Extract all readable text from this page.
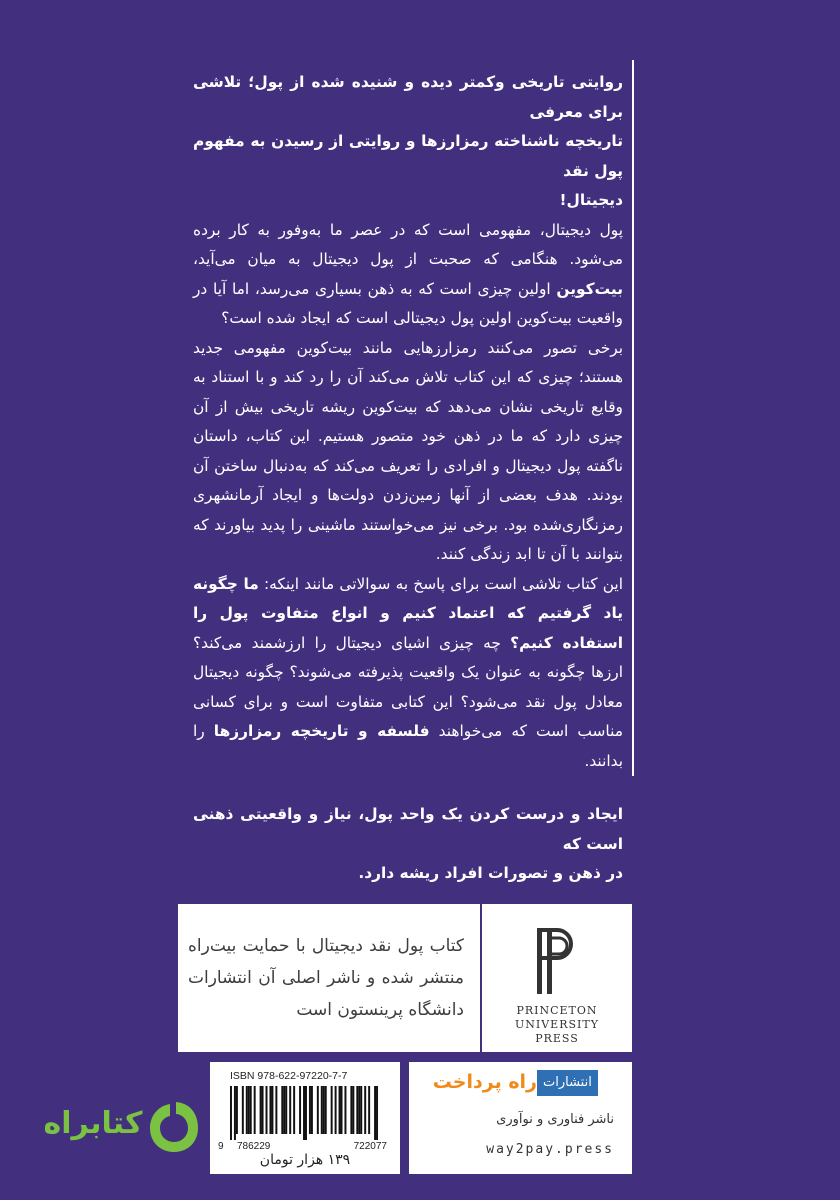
روایتی تاریخی وکمتر دیده و شنیده شده از پول؛ تلاشی برای معرفی
تاریخچه ناشناخته رمزارزها و روایتی از رسیدن به مفهوم پول نقد
دیجیتال!

پول دیجیتال، مفهومی است که در عصر ما به‌وفور به کار برده می‌شود. هنگامی که صحبت از پول دیجیتال به میان می‌آید، بیت‌کوین اولین چیزی است که به ذهن بسیاری می‌رسد، اما آیا در واقعیت بیت‌کوین اولین پول دیجیتالی است که ایجاد شده است؟

برخی تصور می‌کنند رمزارزهایی مانند بیت‌کوین مفهومی جدید هستند؛ چیزی که این کتاب تلاش می‌کند آن را رد کند و با استناد به وقایع تاریخی نشان می‌دهد که بیت‌کوین ریشه تاریخی بیش از آن چیزی دارد که ما در ذهن خود متصور هستیم. این کتاب، داستان ناگفته پول دیجیتال و افرادی را تعریف می‌کند که به‌دنبال ساختن آن بودند. هدف بعضی از آنها زمین‌زدن دولت‌ها و ایجاد آرمانشهری رمزنگاری‌شده بود. برخی نیز می‌خواستند ماشینی را پدید بیاورند که بتوانند با آن تا ابد زندگی کنند.

این کتاب تلاشی است برای پاسخ به سوالاتی مانند اینکه: ما چگونه یاد گرفتیم که اعتماد کنیم و انواع متفاوت پول را استفاده کنیم؟ چه چیزی اشیای دیجیتال را ارزشمند می‌کند؟ ارزها چگونه به عنوان یک واقعیت پذیرفته می‌شوند؟ چگونه دیجیتال معادل پول نقد می‌شود؟ این کتابی متفاوت است و برای کسانی مناسب است که می‌خواهند فلسفه و تاریخچه رمزارزها را بدانند.

ایجاد و درست کردن یک واحد پول، نیاز و واقعیتی ذهنی است که
در ذهن و تصورات افراد ریشه دارد.

کتاب پول نقد دیجیتال با حمایت بیت‌راه منتشر شده و ناشر اصلی آن انتشارات دانشگاه پرینستون است	PRINCETON
UNIVERSITY
PRESS
ISBN 978-622-97220-7-7
9 786229	722077
۱۳۹ هزار تومان
انتشارات
راه پرداخت
ناشر فناوری و نوآوری
way2pay.press
کتابراه
